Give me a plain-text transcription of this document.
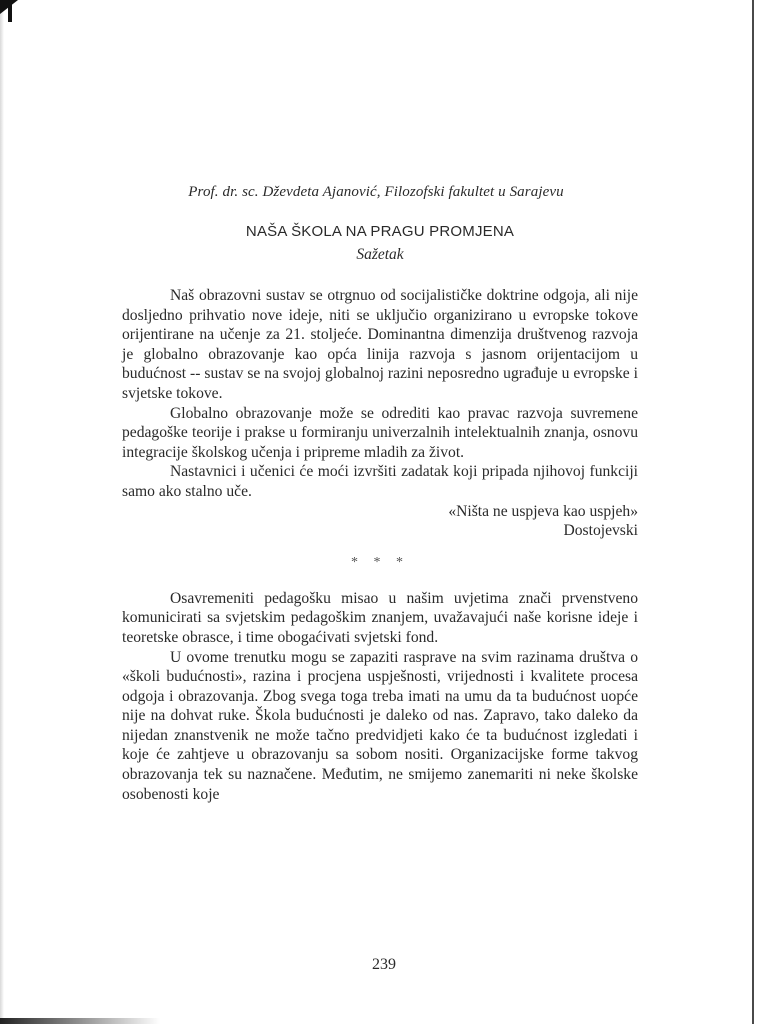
Prof. dr. sc. Dževdeta Ajanović, Filozofski fakultet u Sarajevu

NAŠA ŠKOLA NA PRAGU PROMJENA

Sažetak

Naš obrazovni sustav se otrgnuo od socijalističke doktrine odgoja, ali nije dosljedno prihvatio nove ideje, niti se uključio organizirano u evropske tokove orijentirane na učenje za 21. stoljeće. Dominantna dimenzija društvenog razvoja je globalno obrazovanje kao opća linija razvoja s jasnom orijentacijom u budućnost -- sustav se na svojoj globalnoj razini neposredno ugrađuje u evropske i svjetske tokove.

Globalno obrazovanje može se odrediti kao pravac razvoja suvremene pedagoške teorije i prakse u formiranju univerzalnih intelektualnih znanja, osnovu integracije školskog učenja i pripreme mladih za život.

Nastavnici i učenici će moći izvršiti zadatak koji pripada njihovoj funkciji samo ako stalno uče.

«Ništa ne uspjeva kao uspjeh»

Dostojevski

* * *

Osavremeniti pedagošku misao u našim uvjetima znači prvenstveno komunicirati sa svjetskim pedagoškim znanjem, uvažavajući naše korisne ideje i teoretske obrasce, i time obogaćivati svjetski fond.

U ovome trenutku mogu se zapaziti rasprave na svim razinama društva o «školi budućnosti», razina i procjena uspješnosti, vrijednosti i kvalitete procesa odgoja i obrazovanja. Zbog svega toga treba imati na umu da ta budućnost uopće nije na dohvat ruke. Škola budućnosti je daleko od nas. Zapravo, tako daleko da nijedan znanstvenik ne može tačno predvidjeti kako će ta budućnost izgledati i koje će zahtjeve u obrazovanju sa sobom nositi. Organizacijske forme takvog obrazovanja tek su naznačene. Međutim, ne smijemo zanemariti ni neke školske osobenosti koje

239
